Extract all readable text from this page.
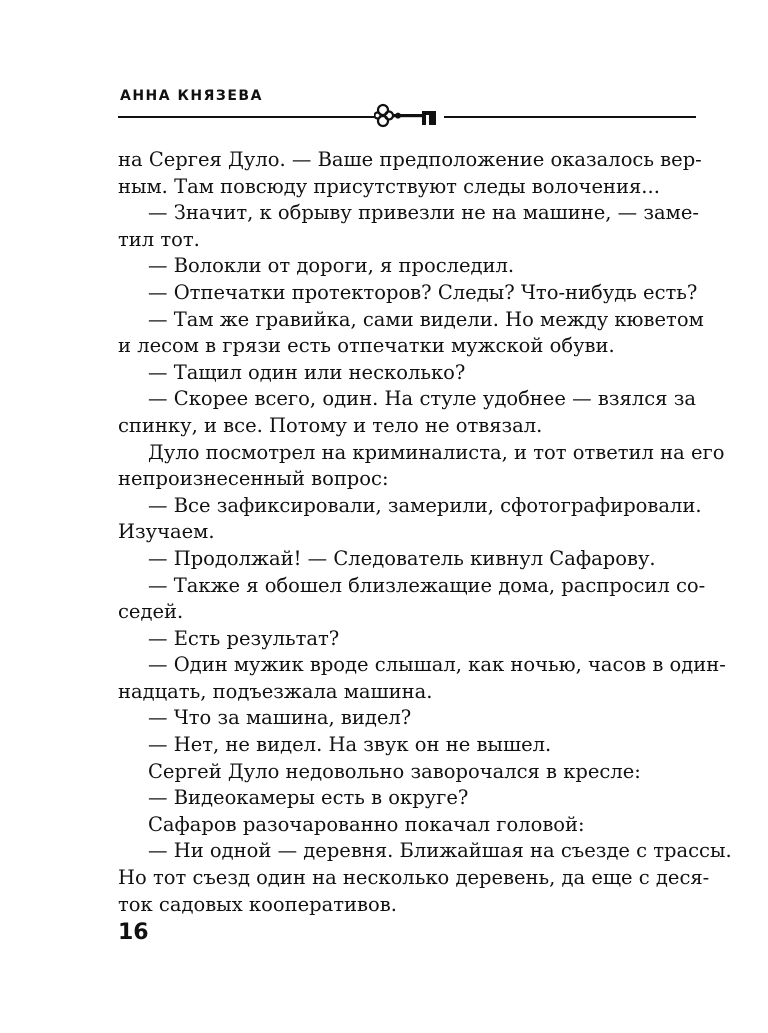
АННА КНЯЗЕВА
на Сергея Дуло. — Ваше предположение оказалось вер-
ным. Там повсюду присутствуют следы волочения...
— Значит, к обрыву привезли не на машине, — заме-
тил тот.
— Волокли от дороги, я проследил.
— Отпечатки протекторов? Следы? Что-нибудь есть?
— Там же гравийка, сами видели. Но между кюветом
и лесом в грязи есть отпечатки мужской обуви.
— Тащил один или несколько?
— Скорее всего, один. На стуле удобнее — взялся за
спинку, и все. Потому и тело не отвязал.
Дуло посмотрел на криминалиста, и тот ответил на его
непроизнесенный вопрос:
— Все зафиксировали, замерили, сфотографировали.
Изучаем.
— Продолжай! — Следователь кивнул Сафарову.
— Также я обошел близлежащие дома, распросил со-
седей.
— Есть результат?
— Один мужик вроде слышал, как ночью, часов в один-
надцать, подъезжала машина.
— Что за машина, видел?
— Нет, не видел. На звук он не вышел.
Сергей Дуло недовольно заворочался в кресле:
— Видеокамеры есть в округе?
Сафаров разочарованно покачал головой:
— Ни одной — деревня. Ближайшая на съезде с трассы.
Но тот съезд один на несколько деревень, да еще с деся-
ток садовых кооперативов.
16
